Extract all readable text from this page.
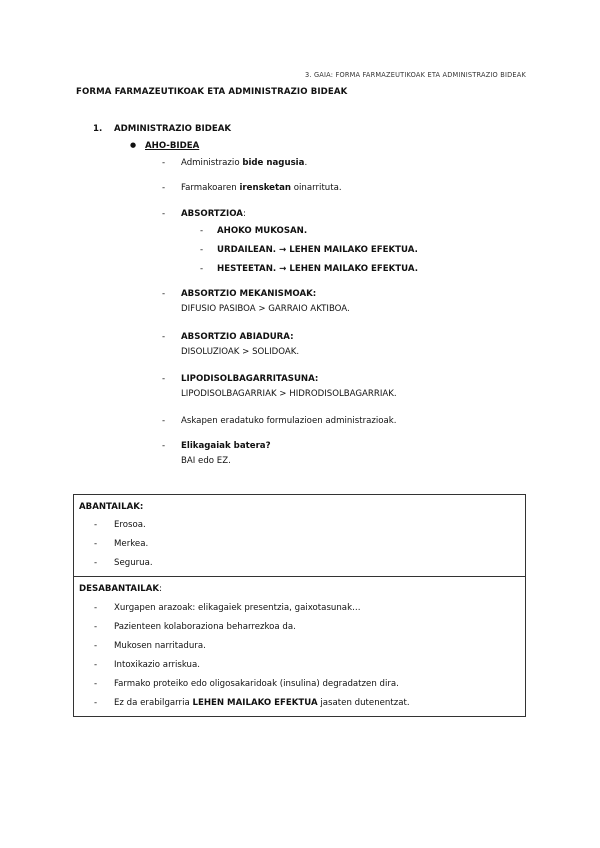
3. GAIA: FORMA FARMAZEUTIKOAK ETA ADMINISTRAZIO BIDEAK
FORMA FARMAZEUTIKOAK ETA ADMINISTRAZIO BIDEAK
1. ADMINISTRAZIO BIDEAK
● AHO-BIDEA
- Administrazio bide nagusia.
- Farmakoaren irensketan oinarrituta.
- ABSORTZIOA:
- AHOKO MUKOSAN.
- URDAILEAN. → LEHEN MAILAKO EFEKTUA.
- HESTEETAN. → LEHEN MAILAKO EFEKTUA.
- ABSORTZIO MEKANISMOAK:
DIFUSIO PASIBOA > GARRAIO AKTIBOA.
- ABSORTZIO ABIADURA:
DISOLUZIOAK > SOLIDOAK.
- LIPODISOLBAGARRITASUNA:
LIPODISOLBAGARRIAK > HIDRODISOLBAGARRIAK.
- Askapen eradatuko formulazioen administrazioak.
- Elikagaiak batera?
BAI edo EZ.
ABANTAILAK:
- Erosoa.
- Merkea.
- Segurua.
DESABANTAILAK:
- Xurgapen arazoak: elikagaiek presentzia, gaixotasunak…
- Pazienteen kolaboraziona beharrezkoa da.
- Mukosen narritadura.
- Intoxikazio arriskua.
- Farmako proteiko edo oligosakaridoak (insulina) degradatzen dira.
- Ez da erabilgarria LEHEN MAILAKO EFEKTUA jasaten dutenentzat.
